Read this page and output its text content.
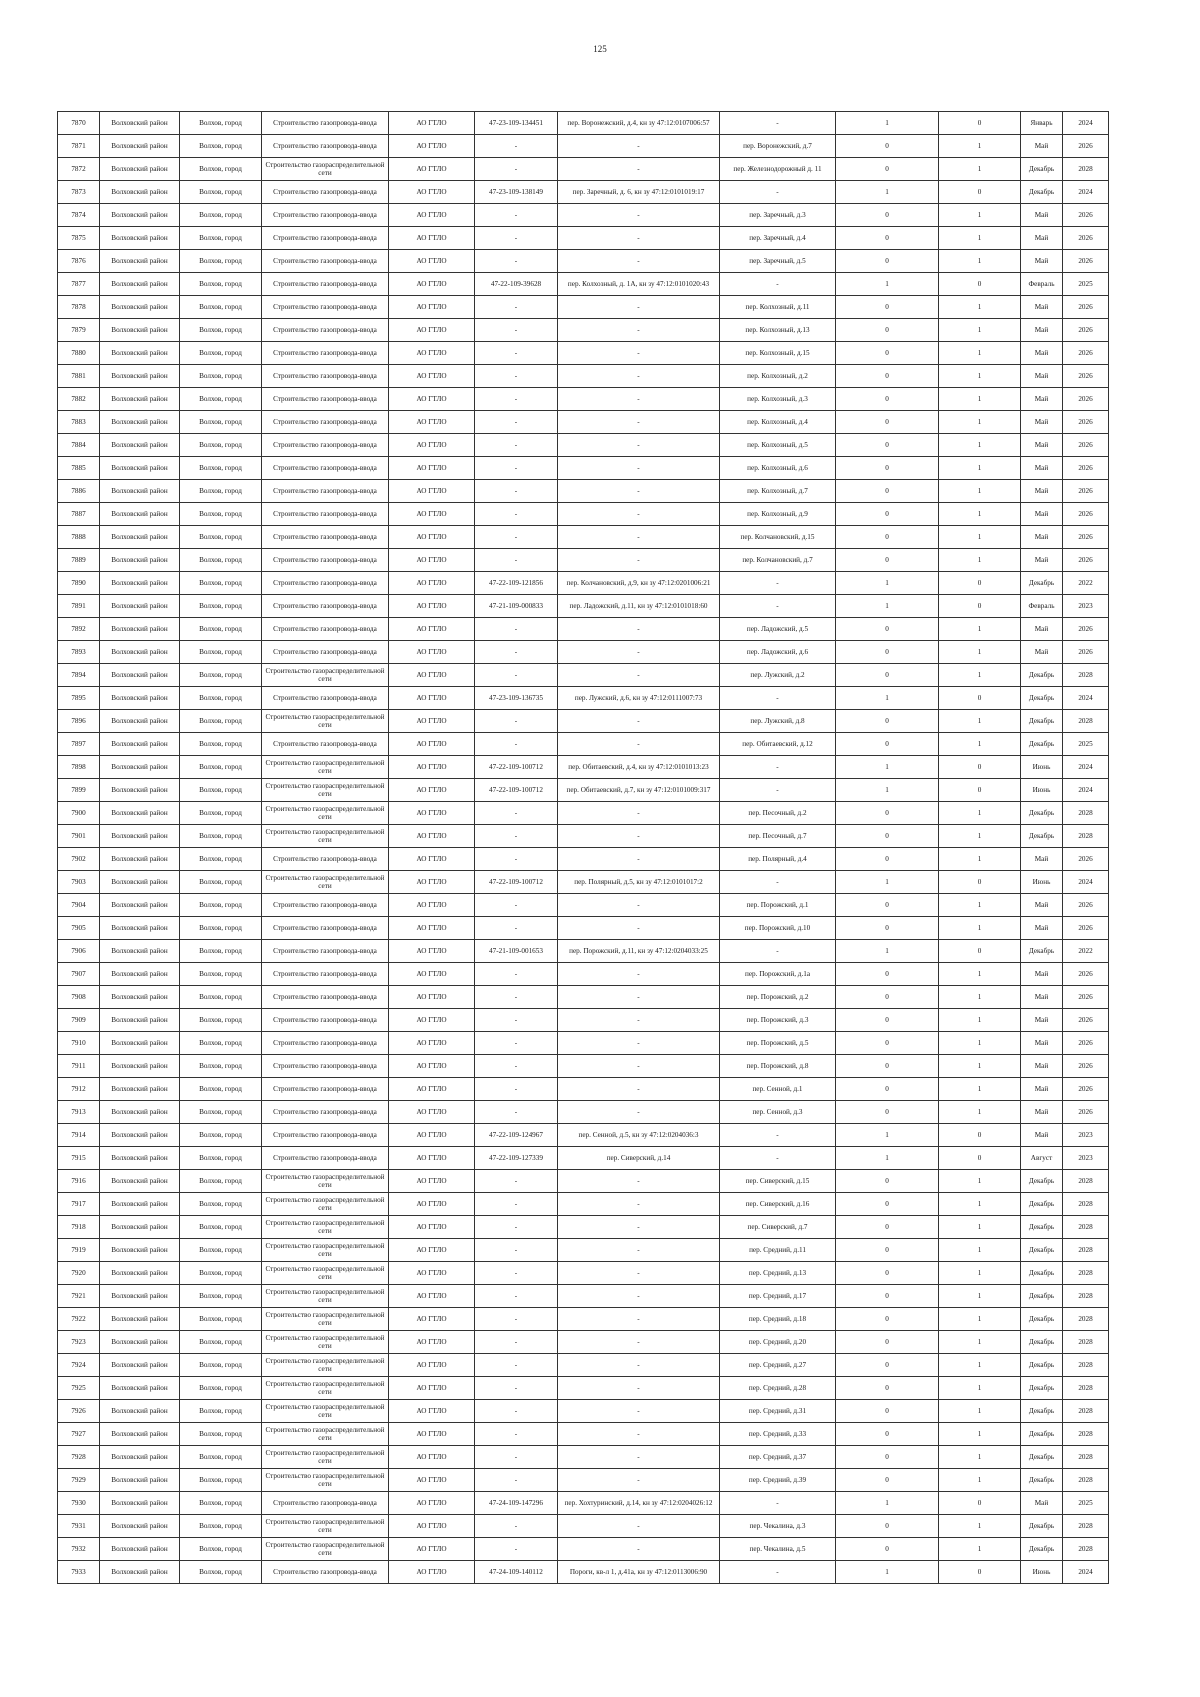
125
7870	Волховский район	Волхов, город	Строительство газопровода-ввода	АО ГТЛО	47-23-109-134451	пер. Воронежский, д.4, кн зу 47:12:0107006:57	-	1	0	Январь	2024
7871	Волховский район	Волхов, город	Строительство газопровода-ввода	АО ГТЛО	-	-	пер. Воронежский, д.7	0	1	Май	2026
7872	Волховский район	Волхов, город	Строительство газораспределительной сети	АО ГТЛО	-	-	пер. Железнодорожный д. 11	0	1	Декабрь	2028
7873	Волховский район	Волхов, город	Строительство газопровода-ввода	АО ГТЛО	47-23-109-138149	пер. Заречный, д. 6, кн зу 47:12:0101019:17	-	1	0	Декабрь	2024
7874	Волховский район	Волхов, город	Строительство газопровода-ввода	АО ГТЛО	-	-	пер. Заречный, д.3	0	1	Май	2026
7875	Волховский район	Волхов, город	Строительство газопровода-ввода	АО ГТЛО	-	-	пер. Заречный, д.4	0	1	Май	2026
7876	Волховский район	Волхов, город	Строительство газопровода-ввода	АО ГТЛО	-	-	пер. Заречный, д.5	0	1	Май	2026
7877	Волховский район	Волхов, город	Строительство газопровода-ввода	АО ГТЛО	47-22-109-39628	пер. Колхозный, д. 1А, кн зу 47:12:0101020:43	-	1	0	Февраль	2025
7878	Волховский район	Волхов, город	Строительство газопровода-ввода	АО ГТЛО	-	-	пер. Колхозный, д.11	0	1	Май	2026
7879	Волховский район	Волхов, город	Строительство газопровода-ввода	АО ГТЛО	-	-	пер. Колхозный, д.13	0	1	Май	2026
7880	Волховский район	Волхов, город	Строительство газопровода-ввода	АО ГТЛО	-	-	пер. Колхозный, д.15	0	1	Май	2026
7881	Волховский район	Волхов, город	Строительство газопровода-ввода	АО ГТЛО	-	-	пер. Колхозный, д.2	0	1	Май	2026
7882	Волховский район	Волхов, город	Строительство газопровода-ввода	АО ГТЛО	-	-	пер. Колхозный, д.3	0	1	Май	2026
7883	Волховский район	Волхов, город	Строительство газопровода-ввода	АО ГТЛО	-	-	пер. Колхозный, д.4	0	1	Май	2026
7884	Волховский район	Волхов, город	Строительство газопровода-ввода	АО ГТЛО	-	-	пер. Колхозный, д.5	0	1	Май	2026
7885	Волховский район	Волхов, город	Строительство газопровода-ввода	АО ГТЛО	-	-	пер. Колхозный, д.6	0	1	Май	2026
7886	Волховский район	Волхов, город	Строительство газопровода-ввода	АО ГТЛО	-	-	пер. Колхозный, д.7	0	1	Май	2026
7887	Волховский район	Волхов, город	Строительство газопровода-ввода	АО ГТЛО	-	-	пер. Колхозный, д.9	0	1	Май	2026
7888	Волховский район	Волхов, город	Строительство газопровода-ввода	АО ГТЛО	-	-	пер. Колчановский, д.15	0	1	Май	2026
7889	Волховский район	Волхов, город	Строительство газопровода-ввода	АО ГТЛО	-	-	пер. Колчановский, д.7	0	1	Май	2026
7890	Волховский район	Волхов, город	Строительство газопровода-ввода	АО ГТЛО	47-22-109-121856	пер. Колчановский, д.9, кн зу 47:12:0201006:21	-	1	0	Декабрь	2022
7891	Волховский район	Волхов, город	Строительство газопровода-ввода	АО ГТЛО	47-21-109-000833	пер. Ладожский, д.11, кн зу 47:12:0101018:60	-	1	0	Февраль	2023
7892	Волховский район	Волхов, город	Строительство газопровода-ввода	АО ГТЛО	-	-	пер. Ладожский, д.5	0	1	Май	2026
7893	Волховский район	Волхов, город	Строительство газопровода-ввода	АО ГТЛО	-	-	пер. Ладожский, д.6	0	1	Май	2026
7894	Волховский район	Волхов, город	Строительство газораспределительной сети	АО ГТЛО	-	-	пер. Лужский, д.2	0	1	Декабрь	2028
7895	Волховский район	Волхов, город	Строительство газопровода-ввода	АО ГТЛО	47-23-109-136735	пер. Лужский, д.6, кн зу 47:12:0111007:73	-	1	0	Декабрь	2024
7896	Волховский район	Волхов, город	Строительство газораспределительной сети	АО ГТЛО	-	-	пер. Лужский, д.8	0	1	Декабрь	2028
7897	Волховский район	Волхов, город	Строительство газопровода-ввода	АО ГТЛО	-	-	пер. Обитаевский, д.12	0	1	Декабрь	2025
7898	Волховский район	Волхов, город	Строительство газораспределительной сети	АО ГТЛО	47-22-109-100712	пер. Обитаевский, д.4, кн зу 47:12:0101013:23	-	1	0	Июнь	2024
7899	Волховский район	Волхов, город	Строительство газораспределительной сети	АО ГТЛО	47-22-109-100712	пер. Обитаевский, д.7, кн зу 47:12:0101009:317	-	1	0	Июнь	2024
7900	Волховский район	Волхов, город	Строительство газораспределительной сети	АО ГТЛО	-	-	пер. Песочный, д.2	0	1	Декабрь	2028
7901	Волховский район	Волхов, город	Строительство газораспределительной сети	АО ГТЛО	-	-	пер. Песочный, д.7	0	1	Декабрь	2028
7902	Волховский район	Волхов, город	Строительство газопровода-ввода	АО ГТЛО	-	-	пер. Полярный, д.4	0	1	Май	2026
7903	Волховский район	Волхов, город	Строительство газораспределительной сети	АО ГТЛО	47-22-109-100712	пер. Полярный, д.5, кн зу 47:12:0101017:2	-	1	0	Июнь	2024
7904	Волховский район	Волхов, город	Строительство газопровода-ввода	АО ГТЛО	-	-	пер. Порожский, д.1	0	1	Май	2026
7905	Волховский район	Волхов, город	Строительство газопровода-ввода	АО ГТЛО	-	-	пер. Порожский, д.10	0	1	Май	2026
7906	Волховский район	Волхов, город	Строительство газопровода-ввода	АО ГТЛО	47-21-109-001653	пер. Порожский, д.11, кн зу 47:12:0204033:25	-	1	0	Декабрь	2022
7907	Волховский район	Волхов, город	Строительство газопровода-ввода	АО ГТЛО	-	-	пер. Порожский, д.1а	0	1	Май	2026
7908	Волховский район	Волхов, город	Строительство газопровода-ввода	АО ГТЛО	-	-	пер. Порожский, д.2	0	1	Май	2026
7909	Волховский район	Волхов, город	Строительство газопровода-ввода	АО ГТЛО	-	-	пер. Порожский, д.3	0	1	Май	2026
7910	Волховский район	Волхов, город	Строительство газопровода-ввода	АО ГТЛО	-	-	пер. Порожский, д.5	0	1	Май	2026
7911	Волховский район	Волхов, город	Строительство газопровода-ввода	АО ГТЛО	-	-	пер. Порожский, д.8	0	1	Май	2026
7912	Волховский район	Волхов, город	Строительство газопровода-ввода	АО ГТЛО	-	-	пер. Сенной, д.1	0	1	Май	2026
7913	Волховский район	Волхов, город	Строительство газопровода-ввода	АО ГТЛО	-	-	пер. Сенной, д.3	0	1	Май	2026
7914	Волховский район	Волхов, город	Строительство газопровода-ввода	АО ГТЛО	47-22-109-124967	пер. Сенной, д.5, кн зу 47:12:0204036:3	-	1	0	Май	2023
7915	Волховский район	Волхов, город	Строительство газопровода-ввода	АО ГТЛО	47-22-109-127339	пер. Сиверский, д.14	-	1	0	Август	2023
7916	Волховский район	Волхов, город	Строительство газораспределительной сети	АО ГТЛО	-	-	пер. Сиверский, д.15	0	1	Декабрь	2028
7917	Волховский район	Волхов, город	Строительство газораспределительной сети	АО ГТЛО	-	-	пер. Сиверский, д.16	0	1	Декабрь	2028
7918	Волховский район	Волхов, город	Строительство газораспределительной сети	АО ГТЛО	-	-	пер. Сиверский, д.7	0	1	Декабрь	2028
7919	Волховский район	Волхов, город	Строительство газораспределительной сети	АО ГТЛО	-	-	пер. Средний, д.11	0	1	Декабрь	2028
7920	Волховский район	Волхов, город	Строительство газораспределительной сети	АО ГТЛО	-	-	пер. Средний, д.13	0	1	Декабрь	2028
7921	Волховский район	Волхов, город	Строительство газораспределительной сети	АО ГТЛО	-	-	пер. Средний, д.17	0	1	Декабрь	2028
7922	Волховский район	Волхов, город	Строительство газораспределительной сети	АО ГТЛО	-	-	пер. Средний, д.18	0	1	Декабрь	2028
7923	Волховский район	Волхов, город	Строительство газораспределительной сети	АО ГТЛО	-	-	пер. Средний, д.20	0	1	Декабрь	2028
7924	Волховский район	Волхов, город	Строительство газораспределительной сети	АО ГТЛО	-	-	пер. Средний, д.27	0	1	Декабрь	2028
7925	Волховский район	Волхов, город	Строительство газораспределительной сети	АО ГТЛО	-	-	пер. Средний, д.28	0	1	Декабрь	2028
7926	Волховский район	Волхов, город	Строительство газораспределительной сети	АО ГТЛО	-	-	пер. Средний, д.31	0	1	Декабрь	2028
7927	Волховский район	Волхов, город	Строительство газораспределительной сети	АО ГТЛО	-	-	пер. Средний, д.33	0	1	Декабрь	2028
7928	Волховский район	Волхов, город	Строительство газораспределительной сети	АО ГТЛО	-	-	пер. Средний, д.37	0	1	Декабрь	2028
7929	Волховский район	Волхов, город	Строительство газораспределительной сети	АО ГТЛО	-	-	пер. Средний, д.39	0	1	Декабрь	2028
7930	Волховский район	Волхов, город	Строительство газопровода-ввода	АО ГТЛО	47-24-109-147296	пер. Хохтуринский, д.14, кн зу 47:12:0204026:12	-	1	0	Май	2025
7931	Волховский район	Волхов, город	Строительство газораспределительной сети	АО ГТЛО	-	-	пер. Чекалина, д.3	0	1	Декабрь	2028
7932	Волховский район	Волхов, город	Строительство газораспределительной сети	АО ГТЛО	-	-	пер. Чекалина, д.5	0	1	Декабрь	2028
7933	Волховский район	Волхов, город	Строительство газопровода-ввода	АО ГТЛО	47-24-109-140112	Пороги, кв-л 1, д.41а, кн зу 47:12:0113006:90	-	1	0	Июнь	2024
